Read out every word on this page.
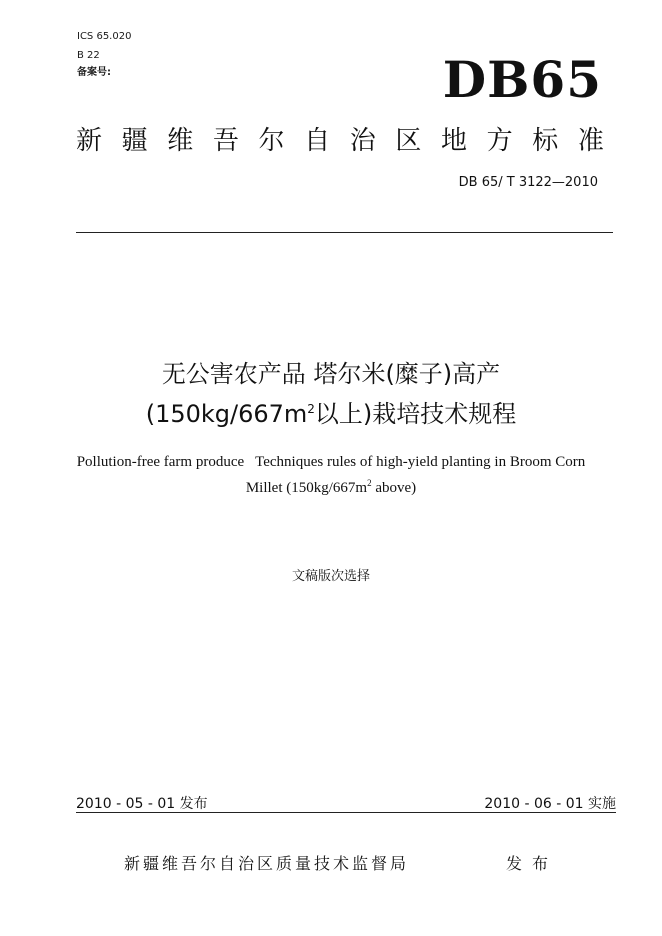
ICS 65.020
B 22
备案号:	DB65
新 疆 维 吾 尔 自 治 区 地 方 标 准
DB 65/ T 3122—2010
无公害农产品 塔尔米(糜子)高产
($150kg/667m^2$以上)栽培技术规程
Pollution-free farm produce   Techniques rules of high-yield planting in Broom Corn
Millet ($150kg/667m^2$ above)
文稿版次选择
2010 - 05 - 01 发布	2010 - 06 - 01 实施
新疆维吾尔自治区质量技术监督局	发布
